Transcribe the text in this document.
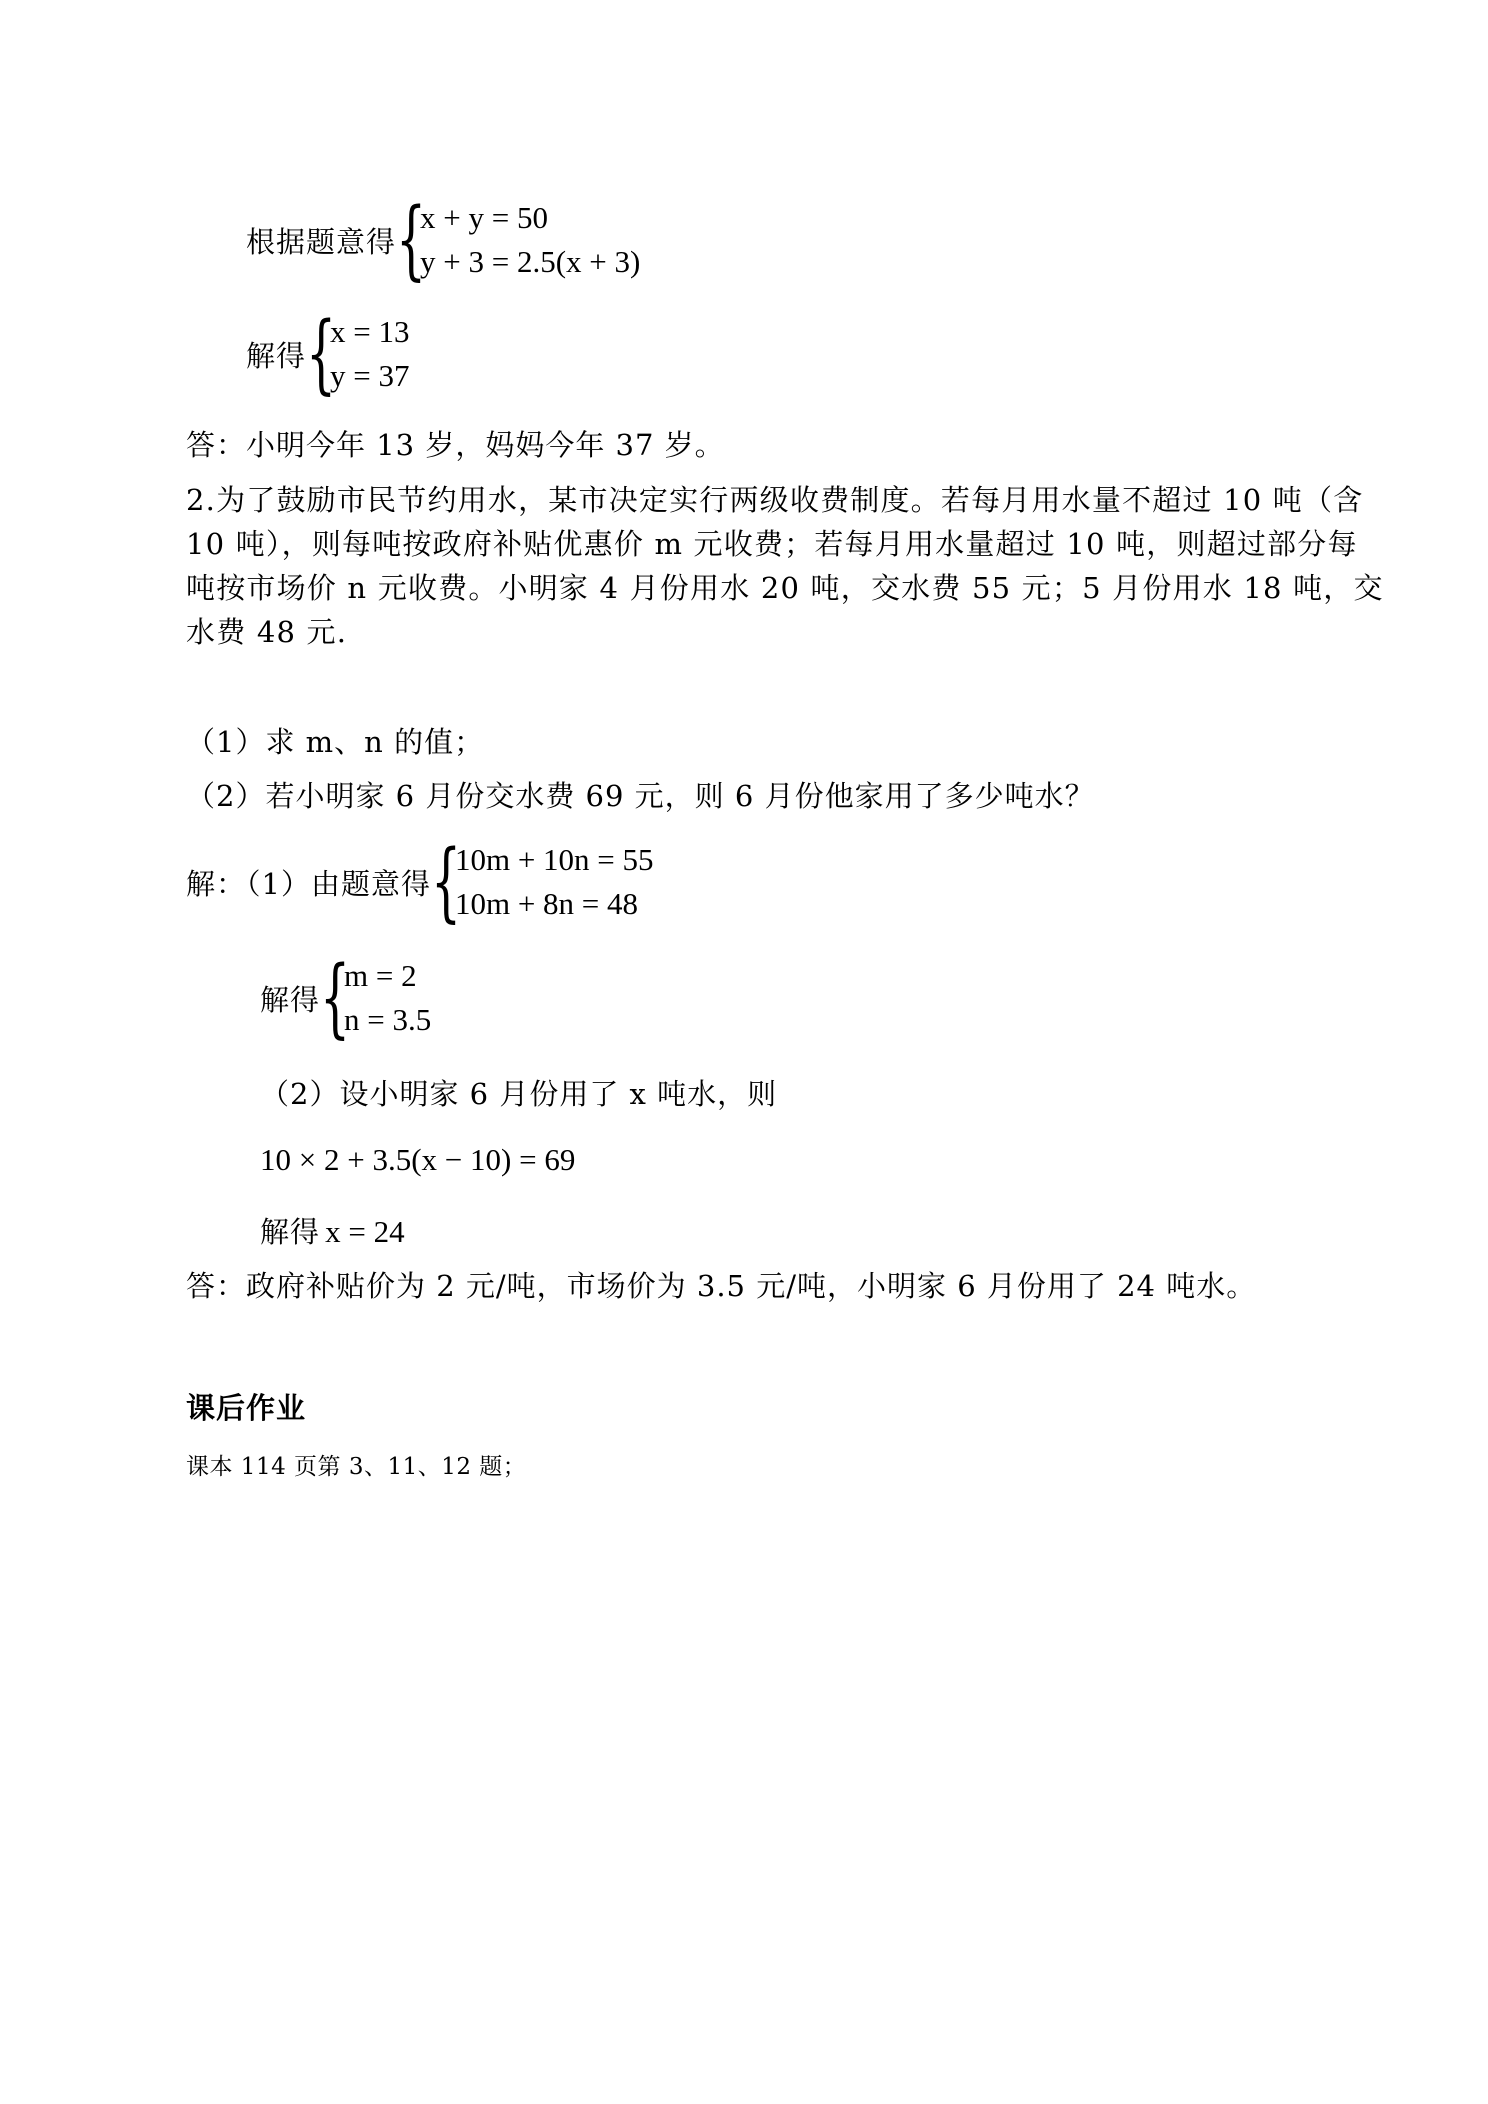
根据题意得 {
x + y = 50
y + 3 = 2.5(x + 3)
解得 {
x = 13
y = 37
答：小明今年 13 岁，妈妈今年 37 岁。
2.为了鼓励市民节约用水，某市决定实行两级收费制度。若每月用水量不超过 10 吨（含
10 吨），则每吨按政府补贴优惠价 m 元收费；若每月用水量超过 10 吨，则超过部分每
吨按市场价 n 元收费。小明家 4 月份用水 20 吨，交水费 55 元；5 月份用水 18 吨，交
水费 48 元.
（1）求 m、n 的值；
（2）若小明家 6 月份交水费 69 元，则 6 月份他家用了多少吨水？
解：（1）由题意得 {
10m + 10n = 55
10m + 8n = 48
解得 {
m = 2
n = 3.5
（2）设小明家 6 月份用了 x 吨水，则
10 × 2 + 3.5(x − 10) = 69
解得 x = 24
答：政府补贴价为 2 元/吨，市场价为 3.5 元/吨，小明家 6 月份用了 24 吨水。
课后作业
课本 114 页第 3、11、12 题；
